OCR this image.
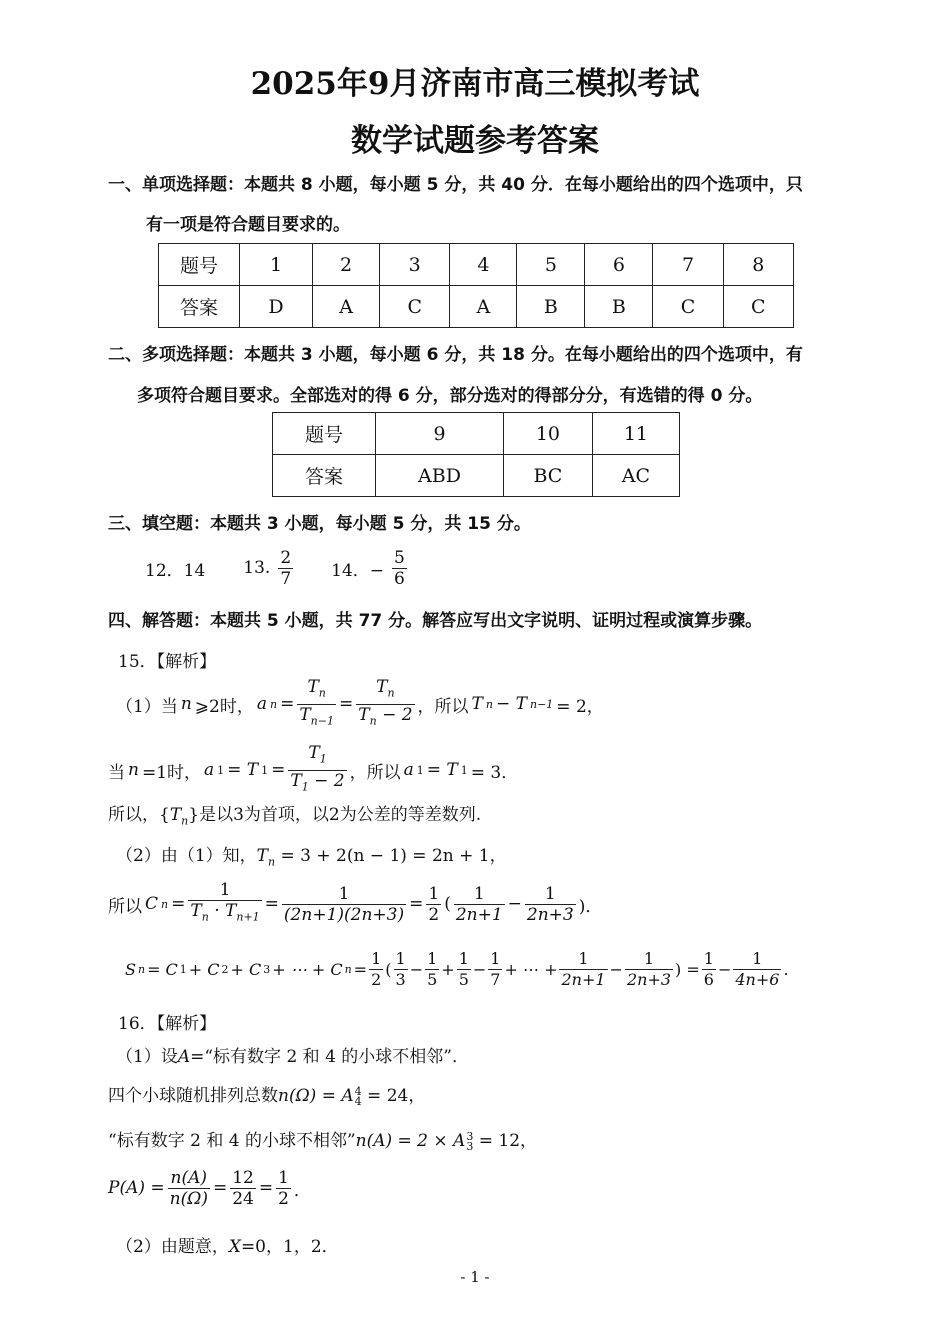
2025年9月济南市高三模拟考试
数学试题参考答案
一、单项选择题：本题共 8 小题，每小题 5 分，共 40 分．在每小题给出的四个选项中，只
有一项是符合题目要求的。
题号	1	2	3	4	5	6	7	8
答案	D	A	C	A	B	B	C	C
二、多项选择题：本题共 3 小题，每小题 6 分，共 18 分。在每小题给出的四个选项中，有
多项符合题目要求。全部选对的得 6 分，部分选对的得部分分，有选错的得 0 分。
题号	9	10	11
答案	ABD	BC	AC
三、填空题：本题共 3 小题，每小题 5 分，共 15 分。
12．14 13. $\frac{2}{7} 14$．− $\frac{5}{6}$
四、解答题：本题共 5 小题，共 77 分。解答应写出文字说明、证明过程或演算步骤。
15．【解析】
（1）当 n ⩾2时， a $n = \frac{T_n}{T_{n-1}} = \frac{T_n}{T_n - 2}$ ，所以 T n − T n−1 = 2，
当 n =1时， a 1 = T $1 = \frac{T_1}{T_1 - 2}$ ，所以 a 1 = T 1 = 3．
所以，$\{T_n\}$是以3为首项，以2为公差的等差数列.
（2）由（1）知，$T_n = 3 + 2(n - 1) = 2n + 1$，
所以 C $n = \frac{1}{T_n \cdot T_{n+1}} = \frac{1}{(2n+1)(2n+3)} = \frac{1}{2}$ ( $\frac{1}{2n+1} - \frac{1}{2n+3}$ )．
S n = C 1 + C 2 + C 3 + ⋯ + C $n = \frac{1}{2}$ ( $\frac{1}{3} - \frac{1}{5} + \frac{1}{5} - \frac{1}{7}$ + ⋯ + $\frac{1}{2n+1} - \frac{1}{2n+3}$ ) = $\frac{1}{6} - \frac{1}{4n+6}$ .
16．【解析】
（1）设A=“标有数字 2 和 4 的小球不相邻”．
四个小球随机排列总数n(Ω) = A4
4 = 24，
“标有数字 2 和 4 的小球不相邻”n(A) = 2 × A3
3 = 12，
$P(A) = \frac{n(A)}{n(\Omega)} = \frac{12}{24} = \frac{1}{2}$ ．
（2）由题意，X=0，1，2．
- 1 -
